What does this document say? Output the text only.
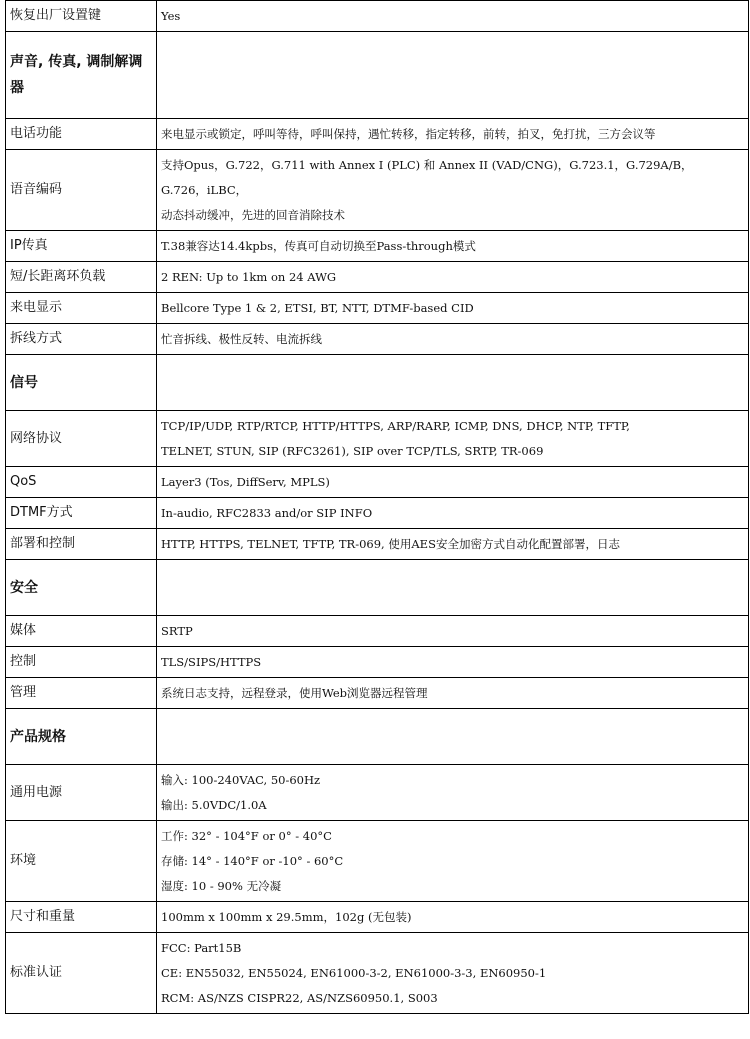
恢复出厂设置键	Yes

声音, 传真, 调制解调器	
电话功能	来电显示或锁定，呼叫等待，呼叫保持，遇忙转移，指定转移，前转，拍叉，免打扰，三方会议等

语音编码	支持Opus，G.722，G.711 with Annex I (PLC) 和 Annex II (VAD/CNG)，G.723.1，G.729A/B，
G.726，iLBC，
动态抖动缓冲，先进的回音消除技术

IP传真	T.38兼容达14.4kpbs，传真可自动切换至Pass-through模式

短/长距离环负载	2 REN: Up to 1km on 24 AWG

来电显示	Bellcore Type 1 & 2, ETSI, BT, NTT, DTMF-based CID

拆线方式	忙音拆线、极性反转、电流拆线

信号	
网络协议	TCP/IP/UDP, RTP/RTCP, HTTP/HTTPS, ARP/RARP, ICMP, DNS, DHCP, NTP, TFTP,
TELNET, STUN, SIP (RFC3261), SIP over TCP/TLS, SRTP, TR-069

QoS	Layer3 (Tos, DiffServ, MPLS)

DTMF方式	In-audio, RFC2833 and/or SIP INFO

部署和控制	HTTP, HTTPS, TELNET, TFTP, TR-069, 使用AES安全加密方式自动化配置部署，日志

安全	
媒体	SRTP

控制	TLS/SIPS/HTTPS

管理	系统日志支持，远程登录，使用Web浏览器远程管理

产品规格	
通用电源	输入: 100-240VAC, 50-60Hz
输出: 5.0VDC/1.0A

环境	工作: 32° - 104°F or 0° - 40°C
存储: 14° - 140°F or -10° - 60°C
湿度: 10 - 90% 无冷凝

尺寸和重量	100mm x 100mm x 29.5mm，102g (无包装)

标准认证	FCC: Part15B
CE: EN55032, EN55024, EN61000-3-2, EN61000-3-3, EN60950-1
RCM: AS/NZS CISPR22, AS/NZS60950.1, S003
